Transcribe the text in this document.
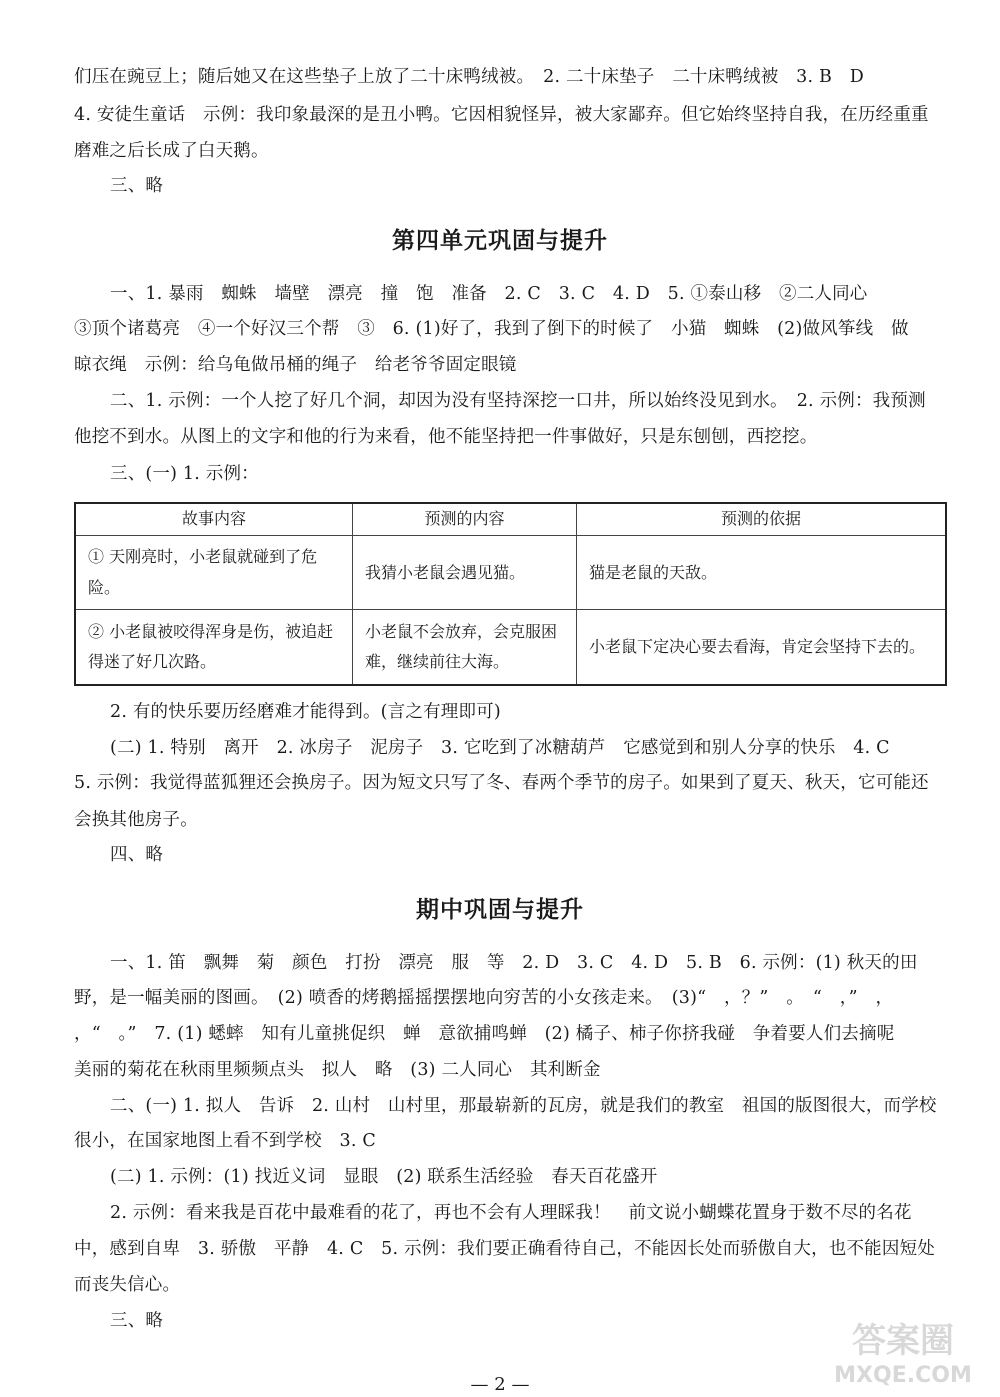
们压在豌豆上；随后她又在这些垫子上放了二十床鸭绒被。　2. 二十床垫子　二十床鸭绒被　3. B　D
4. 安徒生童话　示例：我印象最深的是丑小鸭。它因相貌怪异，被大家鄙弃。但它始终坚持自我，在历经重重
磨难之后长成了白天鹅。
三、略
第四单元巩固与提升
一、1. 暴雨　蜘蛛　墙壁　漂亮　撞　饱　准备　2. C　3. C　4. D　5. ①泰山移　②二人同心
③顶个诸葛亮　④一个好汉三个帮　③　6. (1)好了，我到了倒下的时候了　小猫　蜘蛛　(2)做风筝线　做
晾衣绳　示例：给乌龟做吊桶的绳子　给老爷爷固定眼镜
二、1. 示例：一个人挖了好几个洞，却因为没有坚持深挖一口井，所以始终没见到水。　2. 示例：我预测
他挖不到水。从图上的文字和他的行为来看，他不能坚持把一件事做好，只是东刨刨，西挖挖。
三、(一) 1. 示例：
故事内容	预测的内容	预测的依据
① 天刚亮时，小老鼠就碰到了危险。	我猜小老鼠会遇见猫。	猫是老鼠的天敌。
② 小老鼠被咬得浑身是伤，被追赶得迷了好几次路。	小老鼠不会放弃，会克服困难，继续前往大海。	小老鼠下定决心要去看海，肯定会坚持下去的。
2. 有的快乐要历经磨难才能得到。(言之有理即可)
(二) 1. 特别　离开　2. 冰房子　泥房子　3. 它吃到了冰糖葫芦　它感觉到和别人分享的快乐　4. C
5. 示例：我觉得蓝狐狸还会换房子。因为短文只写了冬、春两个季节的房子。如果到了夏天、秋天，它可能还
会换其他房子。
四、略
期中巩固与提升
一、1. 笛　飘舞　菊　颜色　打扮　漂亮　服　等　2. D　3. C　4. D　5. B　6. 示例：(1) 秋天的田
野，是一幅美丽的图画。　(2) 喷香的烤鹅摇摇摆摆地向穷苦的小女孩走来。　(3)“　，？”　。　“　，”　，
，“　。”　7. (1) 蟋蟀　知有儿童挑促织　蝉　意欲捕鸣蝉　(2) 橘子、柿子你挤我碰　争着要人们去摘呢
美丽的菊花在秋雨里频频点头　拟人　略　(3) 二人同心　其利断金
二、(一) 1. 拟人　告诉　2. 山村　山村里，那最崭新的瓦房，就是我们的教室　祖国的版图很大，而学校
很小，在国家地图上看不到学校　3. C
(二) 1. 示例：(1) 找近义词　显眼　(2) 联系生活经验　春天百花盛开
2. 示例：看来我是百花中最难看的花了，再也不会有人理睬我！　前文说小蝴蝶花置身于数不尽的名花
中，感到自卑　3. 骄傲　平静　4. C　5. 示例：我们要正确看待自己，不能因长处而骄傲自大，也不能因短处
而丧失信心。
三、略
— 2 —
答案圈
MXQE.COM
